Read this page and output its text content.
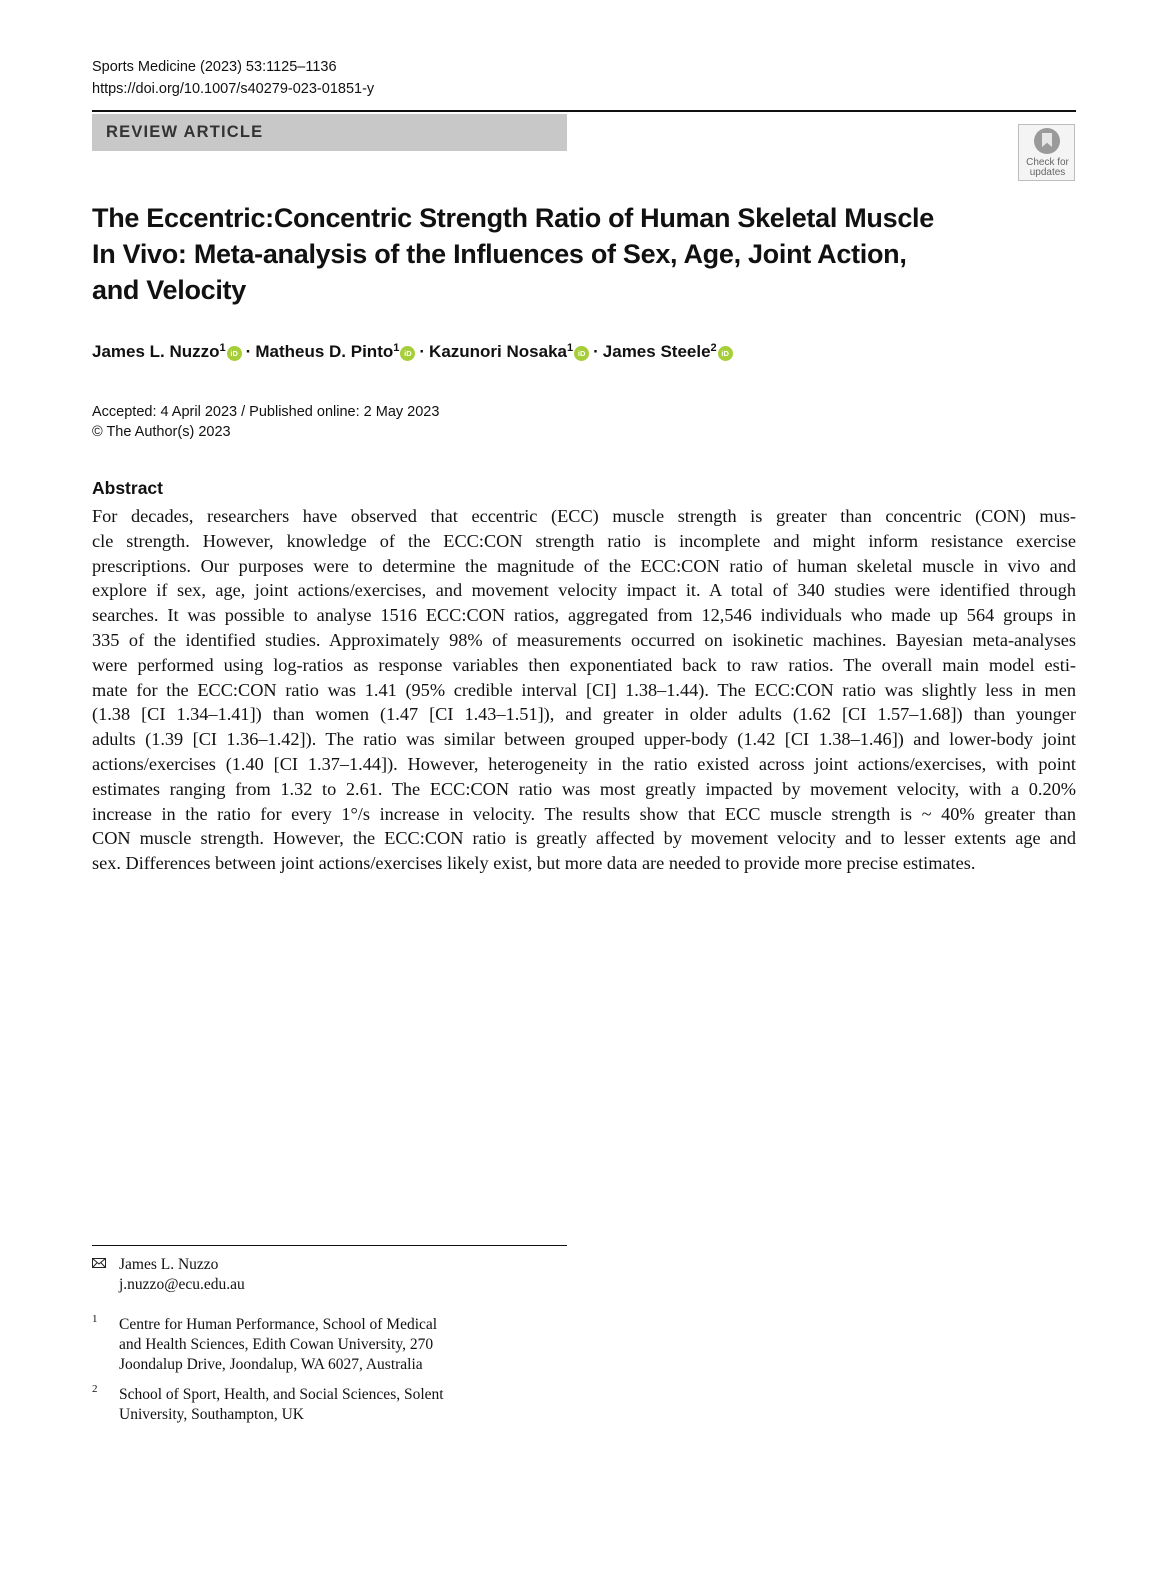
Sports Medicine (2023) 53:1125–1136
https://doi.org/10.1007/s40279-023-01851-y
REVIEW ARTICLE
Check for
updates
The Eccentric:Concentric Strength Ratio of Human Skeletal Muscle
In Vivo: Meta-analysis of the Influences of Sex, Age, Joint Action,
and Velocity
James L. Nuzzo$^1$ iD · Matheus D. Pinto$^1$ iD · Kazunori Nosaka$^1$ iD · James Steele$^2$ iD
Accepted: 4 April 2023 / Published online: 2 May 2023
© The Author(s) 2023
Abstract
For decades, researchers have observed that eccentric (ECC) muscle strength is greater than concentric (CON) mus-
cle strength. However, knowledge of the ECC:CON strength ratio is incomplete and might inform resistance exercise
prescriptions. Our purposes were to determine the magnitude of the ECC:CON ratio of human skeletal muscle in vivo and
explore if sex, age, joint actions/exercises, and movement velocity impact it. A total of 340 studies were identified through
searches. It was possible to analyse 1516 ECC:CON ratios, aggregated from 12,546 individuals who made up 564 groups in
335 of the identified studies. Approximately 98% of measurements occurred on isokinetic machines. Bayesian meta-analyses
were performed using log-ratios as response variables then exponentiated back to raw ratios. The overall main model esti-
mate for the ECC:CON ratio was 1.41 (95% credible interval [CI] 1.38–1.44). The ECC:CON ratio was slightly less in men
(1.38 [CI 1.34–1.41]) than women (1.47 [CI 1.43–1.51]), and greater in older adults (1.62 [CI 1.57–1.68]) than younger
adults (1.39 [CI 1.36–1.42]). The ratio was similar between grouped upper-body (1.42 [CI 1.38–1.46]) and lower-body joint
actions/exercises (1.40 [CI 1.37–1.44]). However, heterogeneity in the ratio existed across joint actions/exercises, with point
estimates ranging from 1.32 to 2.61. The ECC:CON ratio was most greatly impacted by movement velocity, with a 0.20%
increase in the ratio for every 1°/s increase in velocity. The results show that ECC muscle strength is ~ 40% greater than
CON muscle strength. However, the ECC:CON ratio is greatly affected by movement velocity and to lesser extents age and
sex. Differences between joint actions/exercises likely exist, but more data are needed to provide more precise estimates.
James L. Nuzzo
j.nuzzo@ecu.edu.au
1 Centre for Human Performance, School of Medical
and Health Sciences, Edith Cowan University, 270
Joondalup Drive, Joondalup, WA 6027, Australia
2 School of Sport, Health, and Social Sciences, Solent
University, Southampton, UK
